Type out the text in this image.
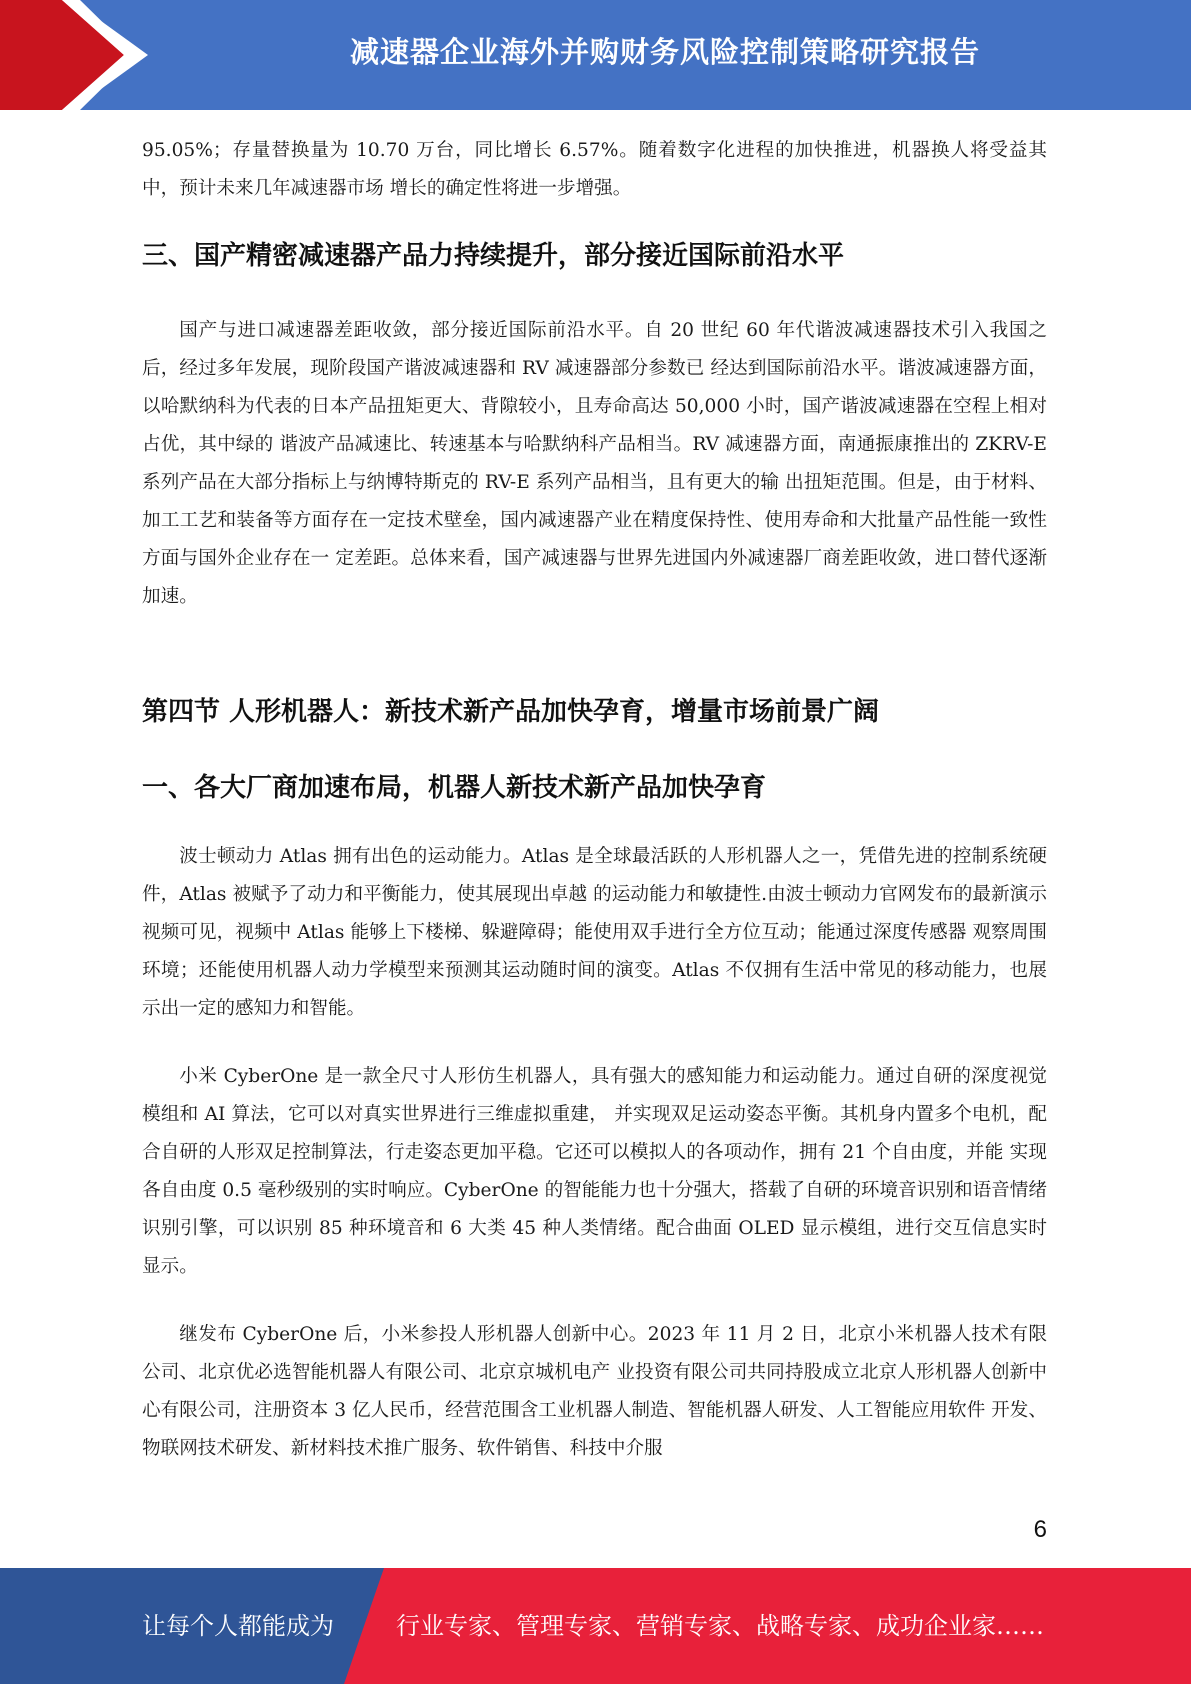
减速器企业海外并购财务风险控制策略研究报告

95.05%；存量替换量为 10.70 万台，同比增长 6.57%。随着数字化进程的加快推进，机器换人将受益其中，预计未来几年减速器市场 增长的确定性将进一步增强。

三、国产精密减速器产品力持续提升，部分接近国际前沿水平

国产与进口减速器差距收敛，部分接近国际前沿水平。自 20 世纪 60 年代谐波减速器技术引入我国之后，经过多年发展，现阶段国产谐波减速器和 RV 减速器部分参数已 经达到国际前沿水平。谐波减速器方面，以哈默纳科为代表的日本产品扭矩更大、背隙较小，且寿命高达 50,000 小时，国产谐波减速器在空程上相对占优，其中绿的 谐波产品减速比、转速基本与哈默纳科产品相当。RV 减速器方面，南通振康推出的 ZKRV-E 系列产品在大部分指标上与纳博特斯克的 RV-E 系列产品相当，且有更大的输 出扭矩范围。但是，由于材料、加工工艺和装备等方面存在一定技术壁垒，国内减速器产业在精度保持性、使用寿命和大批量产品性能一致性方面与国外企业存在一 定差距。总体来看，国产减速器与世界先进国内外减速器厂商差距收敛，进口替代逐渐加速。

第四节 人形机器人：新技术新产品加快孕育，增量市场前景广阔
一、各大厂商加速布局，机器人新技术新产品加快孕育

波士顿动力 Atlas 拥有出色的运动能力。Atlas 是全球最活跃的人形机器人之一，凭借先进的控制系统硬件，Atlas 被赋予了动力和平衡能力，使其展现出卓越 的运动能力和敏捷性.由波士顿动力官网发布的最新演示视频可见，视频中 Atlas 能够上下楼梯、躲避障碍；能使用双手进行全方位互动；能通过深度传感器 观察周围环境；还能使用机器人动力学模型来预测其运动随时间的演变。Atlas 不仅拥有生活中常见的移动能力，也展示出一定的感知力和智能。

小米 CyberOne 是一款全尺寸人形仿生机器人，具有强大的感知能力和运动能力。通过自研的深度视觉模组和 AI 算法，它可以对真实世界进行三维虚拟重建， 并实现双足运动姿态平衡。其机身内置多个电机，配合自研的人形双足控制算法，行走姿态更加平稳。它还可以模拟人的各项动作，拥有 21 个自由度，并能 实现各自由度 0.5 毫秒级别的实时响应。CyberOne 的智能能力也十分强大，搭载了自研的环境音识别和语音情绪识别引擎，可以识别 85 种环境音和 6 大类 45 种人类情绪。配合曲面 OLED 显示模组，进行交互信息实时显示。

继发布 CyberOne 后，小米参投人形机器人创新中心。2023 年 11 月 2 日，北京小米机器人技术有限公司、北京优必选智能机器人有限公司、北京京城机电产 业投资有限公司共同持股成立北京人形机器人创新中心有限公司，注册资本 3 亿人民币，经营范围含工业机器人制造、智能机器人研发、人工智能应用软件 开发、物联网技术研发、新材料技术推广服务、软件销售、科技中介服

6
让每个人都能成为	行业专家、管理专家、营销专家、战略专家、成功企业家……
